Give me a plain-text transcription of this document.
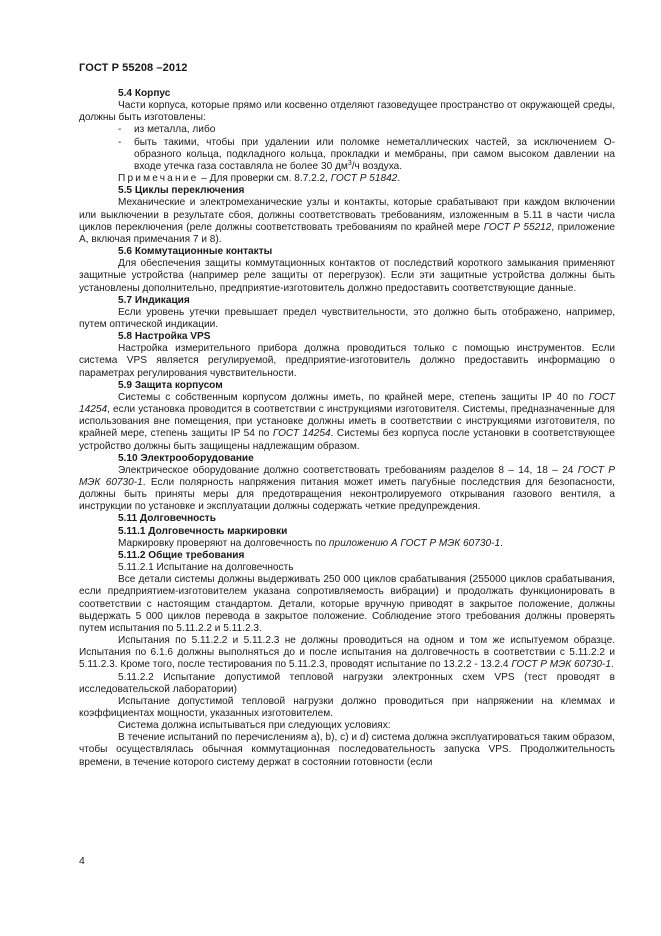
ГОСТ Р 55208 –2012
5.4 Корпус
Части корпуса, которые прямо или косвенно отделяют газоведущее пространство от окружающей среды, должны быть изготовлены:
-	из металла, либо
-	быть такими, чтобы при удалении или поломке неметаллических частей, за исключением О-образного кольца, подкладного кольца, прокладки и мембраны, при самом высоком давлении на входе утечка газа составляла не более 30 $дм^3/ч$ воздуха.
Примечание – Для проверки см. 8.7.2.2, ГОСТ Р 51842.
5.5 Циклы переключения
Механические и электромеханические узлы и контакты, которые срабатывают при каждом включении или выключении в результате сбоя, должны соответствовать требованиям, изложенным в 5.11 в части числа циклов переключения (реле должны соответствовать требованиям по крайней мере ГОСТ Р 55212, приложение А, включая примечания 7 и 8).
5.6 Коммутационные контакты
Для обеспечения защиты коммутационных контактов от последствий короткого замыкания применяют защитные устройства (например реле защиты от перегрузок). Если эти защитные устройства должны быть установлены дополнительно, предприятие-изготовитель должно предоставить соответствующие данные.
5.7 Индикация
Если уровень утечки превышает предел чувствительности, это должно быть отображено, например, путем оптической индикации.
5.8 Настройка VPS
Настройка измерительного прибора должна проводиться только с помощью инструментов. Если система VPS является регулируемой, предприятие-изготовитель должно предоставить информацию о параметрах регулирования чувствительности.
5.9 Защита корпусом
Системы с собственным корпусом должны иметь, по крайней мере, степень защиты IP 40 по ГОСТ 14254, если установка проводится в соответствии с инструкциями изготовителя. Системы, предназначенные для использования вне помещения, при установке должны иметь в соответствии с инструкциями изготовителя, по крайней мере, степень защиты IP 54 по ГОСТ 14254. Системы без корпуса после установки в соответствующее устройство должны быть защищены надлежащим образом.
5.10 Электрооборудование
Электрическое оборудование должно соответствовать требованиям разделов 8 – 14, 18 – 24 ГОСТ Р МЭК 60730-1. Если полярность напряжения питания может иметь пагубные последствия для безопасности, должны быть приняты меры для предотвращения неконтролируемого открывания газового вентиля, а инструкции по установке и эксплуатации должны содержать четкие предупреждения.
5.11 Долговечность
5.11.1 Долговечность маркировки
Маркировку проверяют на долговечность по приложению А ГОСТ Р МЭК 60730-1.
5.11.2 Общие требования
5.11.2.1 Испытание на долговечность
Все детали системы должны выдерживать 250 000 циклов срабатывания (255000 циклов срабатывания, если предприятием-изготовителем указана сопротивляемость вибрации) и продолжать функционировать в соответствии с настоящим стандартом. Детали, которые вручную приводят в закрытое положение, должны выдержать 5 000 циклов перевода в закрытое положение. Соблюдение этого требования должны проверять путем испытания по 5.11.2.2 и 5.11.2.3.
Испытания по 5.11.2.2 и 5.11.2.3 не должны проводиться на одном и том же испытуемом образце. Испытания по 6.1.6 должны выполняться до и после испытания на долговечность в соответствии с 5.11.2.2 и 5.11.2.3. Кроме того, после тестирования по 5.11.2.3, проводят испытание по 13.2.2 - 13.2.4 ГОСТ Р МЭК 60730-1.
5.11.2.2 Испытание допустимой тепловой нагрузки электронных схем VPS (тест проводят в исследовательской лаборатории)
Испытание допустимой тепловой нагрузки должно проводиться при напряжении на клеммах и коэффициентах мощности, указанных изготовителем.
Система должна испытываться при следующих условиях:
В течение испытаний по перечислениям a), b), c) и d) система должна эксплуатироваться таким образом, чтобы осуществлялась обычная коммутационная последовательность запуска VPS. Продолжительность времени, в течение которого систему держат в состоянии готовности (если
4
